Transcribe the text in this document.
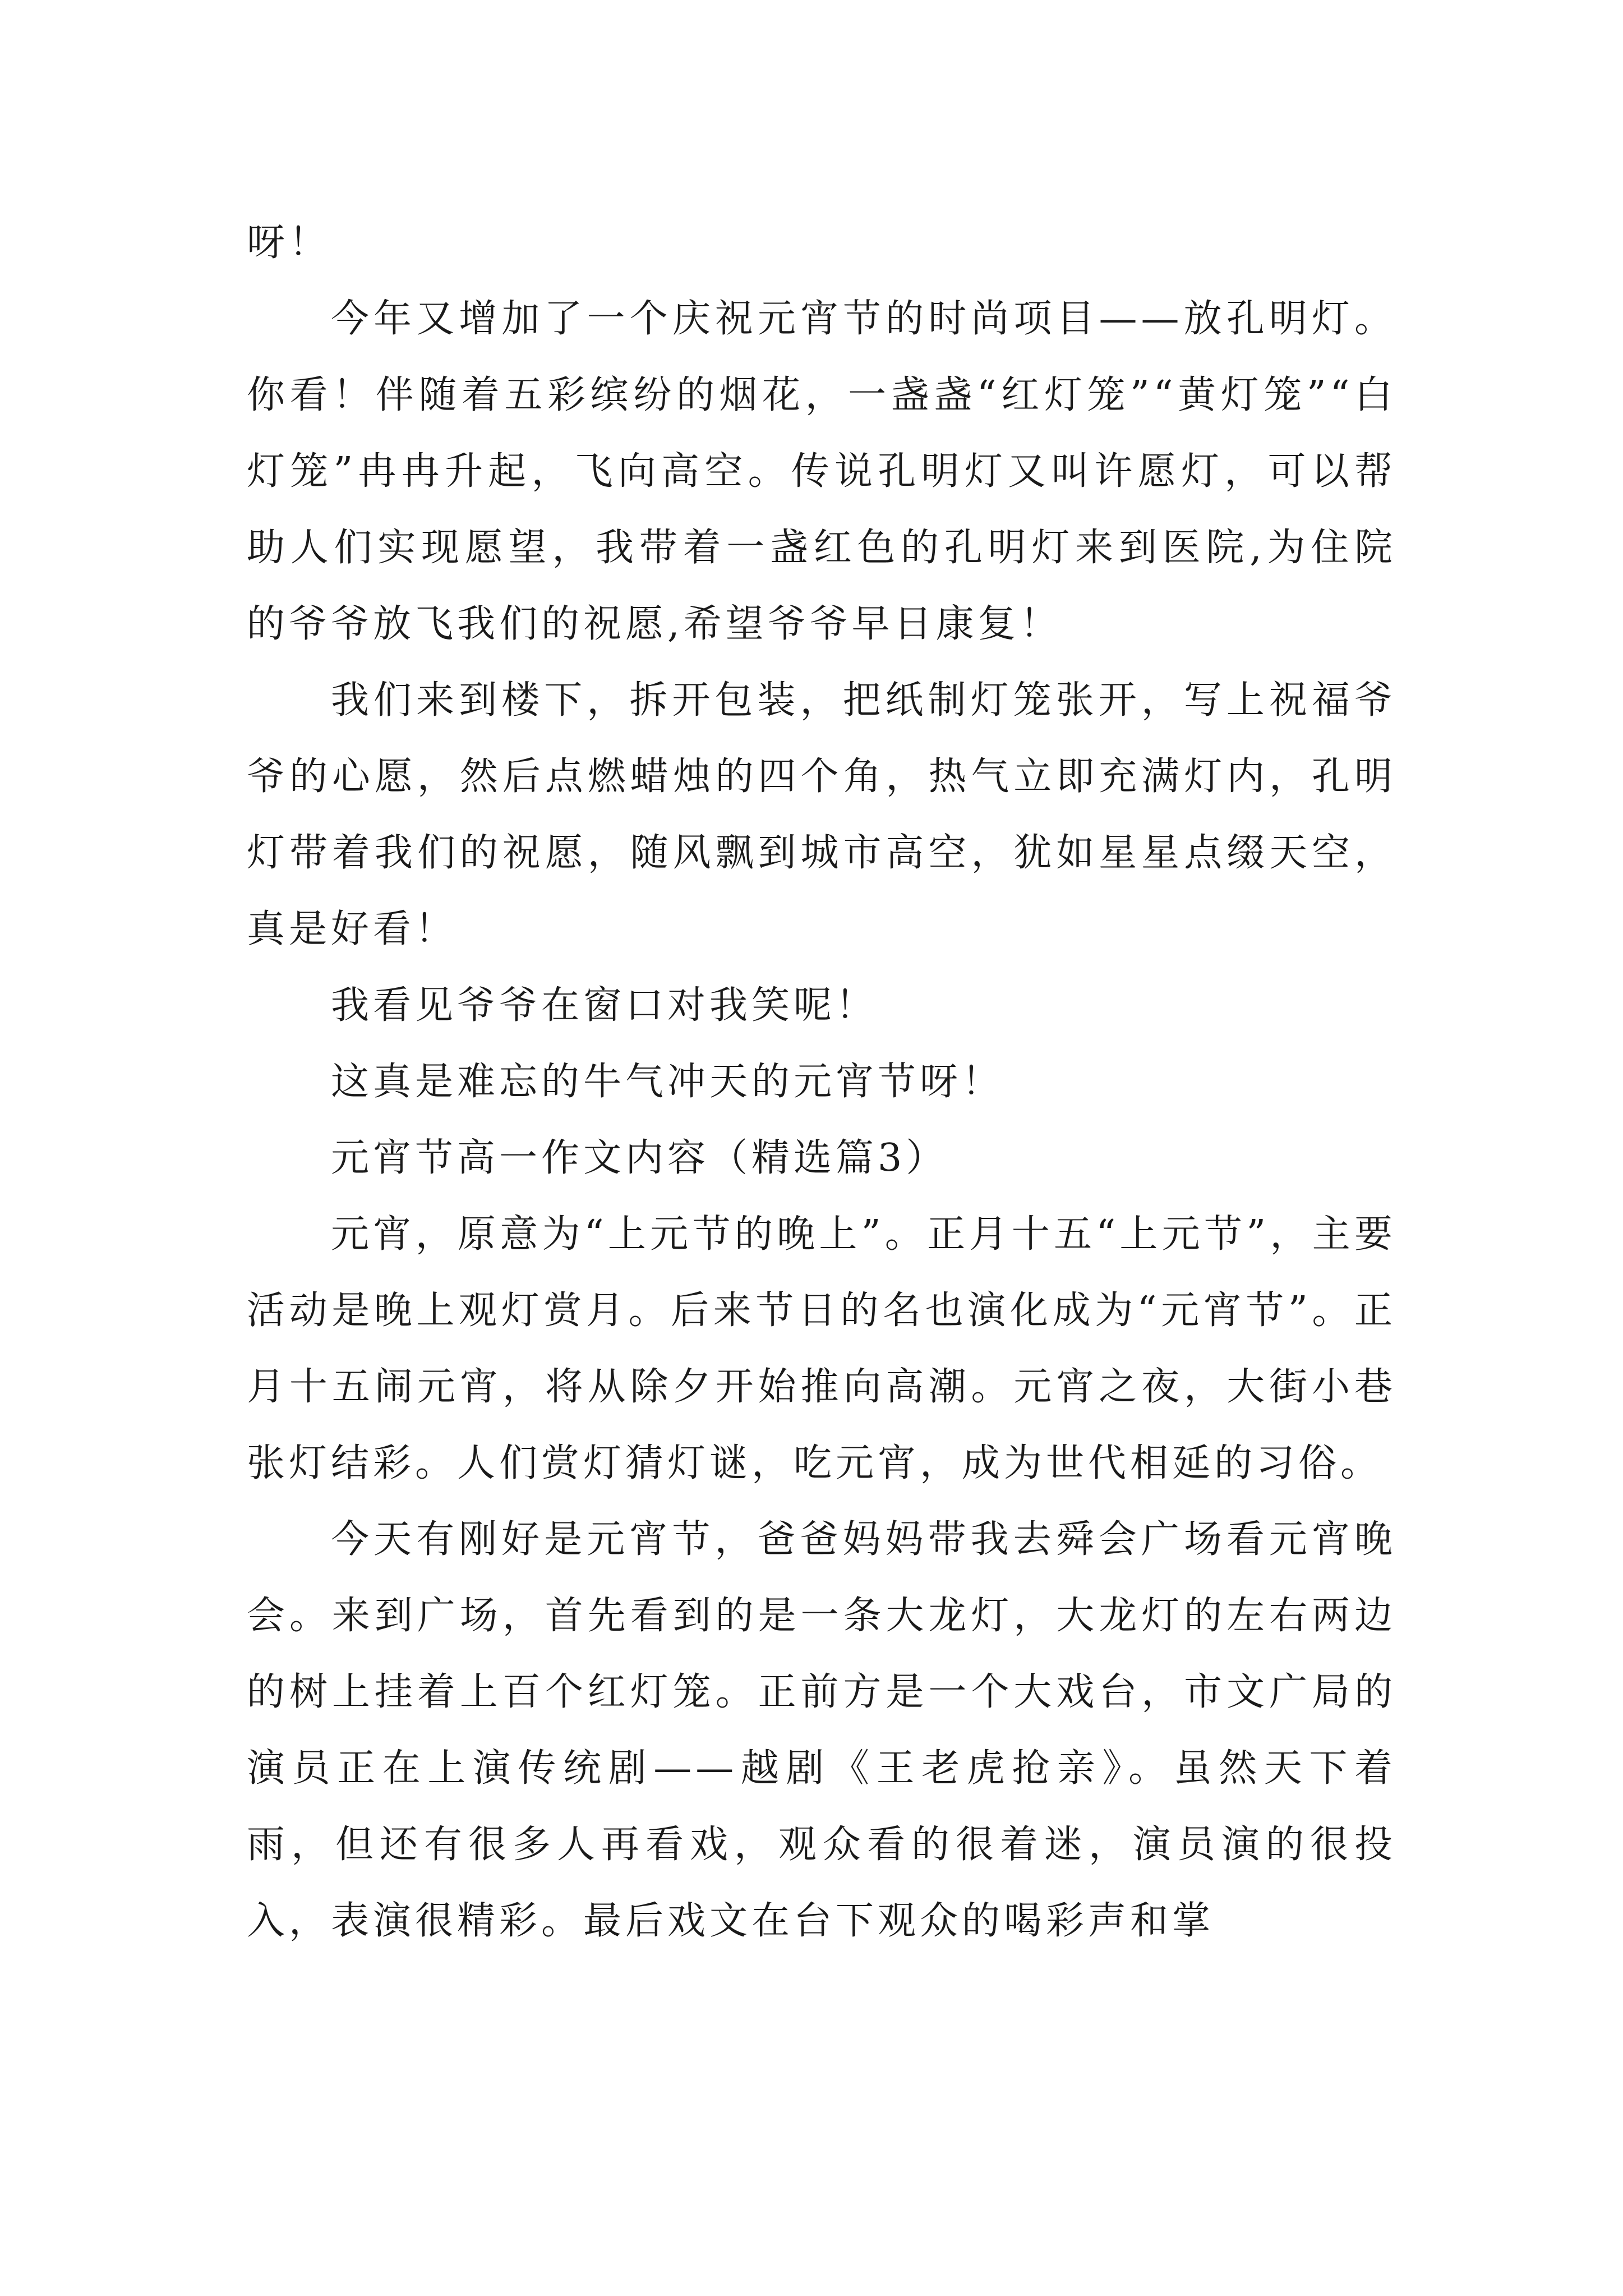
呀！

今年又增加了一个庆祝元宵节的时尚项目——放孔明灯。你看！伴随着五彩缤纷的烟花，一盏盏“红灯笼”“黄灯笼”“白灯笼”冉冉升起，飞向高空。传说孔明灯又叫许愿灯，可以帮助人们实现愿望，我带着一盏红色的孔明灯来到医院,为住院的爷爷放飞我们的祝愿,希望爷爷早日康复！

我们来到楼下，拆开包装，把纸制灯笼张开，写上祝福爷爷的心愿，然后点燃蜡烛的四个角，热气立即充满灯内，孔明灯带着我们的祝愿，随风飘到城市高空，犹如星星点缀天空，真是好看！

我看见爷爷在窗口对我笑呢！

这真是难忘的牛气冲天的元宵节呀！

元宵节高一作文内容（精选篇3）

元宵，原意为“上元节的晚上”。正月十五“上元节”，主要活动是晚上观灯赏月。后来节日的名也演化成为“元宵节”。正月十五闹元宵，将从除夕开始推向高潮。元宵之夜，大街小巷张灯结彩。人们赏灯猜灯谜，吃元宵，成为世代相延的习俗。

今天有刚好是元宵节，爸爸妈妈带我去舜会广场看元宵晚会。来到广场，首先看到的是一条大龙灯，大龙灯的左右两边的树上挂着上百个红灯笼。正前方是一个大戏台，市文广局的演员正在上演传统剧——越剧《王老虎抢亲》。虽然天下着雨，但还有很多人再看戏，观众看的很着迷，演员演的很投入，表演很精彩。最后戏文在台下观众的喝彩声和掌
